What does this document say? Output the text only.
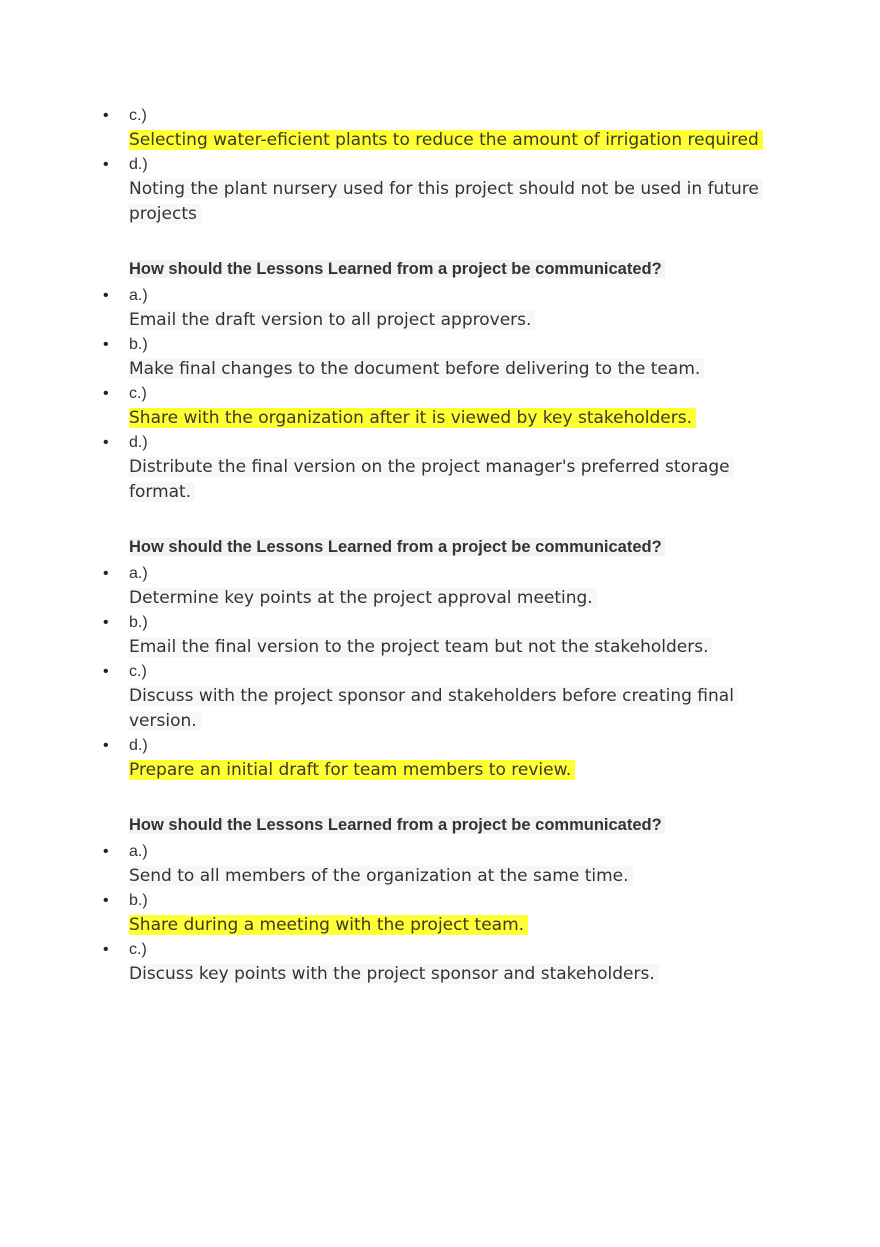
• c.)
Selecting water-eﬁcient plants to reduce the amount of irrigation required
• d.)
Noting the plant nursery used for this project should not be used in future projects
How should the Lessons Learned from a project be communicated?
• a.)
Email the draft version to all project approvers.
• b.)
Make final changes to the document before delivering to the team.
• c.)
Share with the organization after it is viewed by key stakeholders.
• d.)
Distribute the final version on the project manager's preferred storage format.
How should the Lessons Learned from a project be communicated?
• a.)
Determine key points at the project approval meeting.
• b.)
Email the final version to the project team but not the stakeholders.
• c.)
Discuss with the project sponsor and stakeholders before creating final version.
• d.)
Prepare an initial draft for team members to review.
How should the Lessons Learned from a project be communicated?
• a.)
Send to all members of the organization at the same time.
• b.)
Share during a meeting with the project team.
• c.)
Discuss key points with the project sponsor and stakeholders.
